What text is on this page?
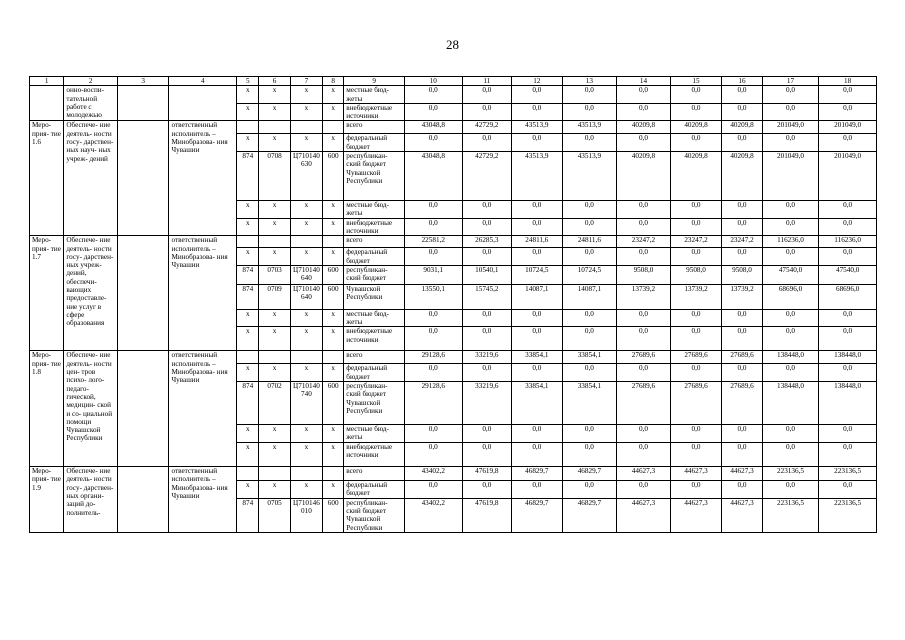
28
1	2	3	4	5	6	7	8	9	10	11	12	13	14	15	16	17	18
	онно-воспи- тательной работе с молодежью			x	x	x	x	местные бюд- жеты	0,0	0,0	0,0	0,0	0,0	0,0	0,0	0,0	0,0
				x	x	x	x	внебюджетные источники	0,0	0,0	0,0	0,0	0,0	0,0	0,0	0,0	0,0
Меро- прия- тие 1.6	Обеспече- ние деятель- ности госу- дарствен- ных науч- ных учреж- дений		ответственный исполнитель – Минобразова- ния Чувашии					всего	43048,8	42729,2	43513,9	43513,9	40209,8	40209,8	40209,8	201049,0	201049,0
				x	x	x	x	федеральный бюджет	0,0	0,0	0,0	0,0	0,0	0,0	0,0	0,0	0,0
				874	0708	Ц710140 630	600	республикан- ский бюджет Чувашской Республики	43048,8	42729,2	43513,9	43513,9	40209,8	40209,8	40209,8	201049,0	201049,0
				x	x	x	x	местные бюд- жеты	0,0	0,0	0,0	0,0	0,0	0,0	0,0	0,0	0,0
				x	x	x	x	внебюджетные источники	0,0	0,0	0,0	0,0	0,0	0,0	0,0	0,0	0,0
Меро- прия- тие 1.7	Обеспече- ние деятель- ности госу- дарствен- ных учреж- дений, обеспечи- вающих предоставле- ние услуг в сфере образования		ответственный исполнитель – Минобразова- ния Чувашии					всего	22581,2	26285,3	24811,6	24811,6	23247,2	23247,2	23247,2	116236,0	116236,0
				x	x	x	x	федеральный бюджет	0,0	0,0	0,0	0,0	0,0	0,0	0,0	0,0	0,0
				874	0703	Ц710140 640	600	республикан- ский бюджет	9031,1	10540,1	10724,5	10724,5	9508,0	9508,0	9508,0	47540,0	47540,0
				874	0709	Ц710140 640	600	Чувашской Республики	13550,1	15745,2	14087,1	14087,1	13739,2	13739,2	13739,2	68696,0	68696,0
				x	x	x	x	местные бюд- жеты	0,0	0,0	0,0	0,0	0,0	0,0	0,0	0,0	0,0
				x	x	x	x	внебюджетные источники	0,0	0,0	0,0	0,0	0,0	0,0	0,0	0,0	0,0
Меро- прия- тие 1.8	Обеспече- ние деятель- ности цен- тров психо- лого-педаго- гической, медицин- ской и со- циальной помощи Чувашской Республики		ответственный исполнитель – Минобразова- ния Чувашии					всего	29128,6	33219,6	33854,1	33854,1	27689,6	27689,6	27689,6	138448,0	138448,0
				x	x	x	x	федеральный бюджет	0,0	0,0	0,0	0,0	0,0	0,0	0,0	0,0	0,0
				874	0702	Ц710140 740	600	республикан- ский бюджет Чувашской Республики	29128,6	33219,6	33854,1	33854,1	27689,6	27689,6	27689,6	138448,0	138448,0
				x	x	x	x	местные бюд- жеты	0,0	0,0	0,0	0,0	0,0	0,0	0,0	0,0	0,0
				x	x	x	x	внебюджетные источники	0,0	0,0	0,0	0,0	0,0	0,0	0,0	0,0	0,0
Меро- прия- тие 1.9	Обеспече- ние деятель- ности госу- дарствен- ных органи- заций до- полнитель-		ответственный исполнитель – Минобразова- ния Чувашии					всего	43402,2	47619,8	46829,7	46829,7	44627,3	44627,3	44627,3	223136,5	223136,5
				x	x	x	x	федеральный бюджет	0,0	0,0	0,0	0,0	0,0	0,0	0,0	0,0	0,0
				874	0705	Ц710146 010	600	республикан- ский бюджет Чувашской Республики	43402,2	47619,8	46829,7	46829,7	44627,3	44627,3	44627,3	223136,5	223136,5
